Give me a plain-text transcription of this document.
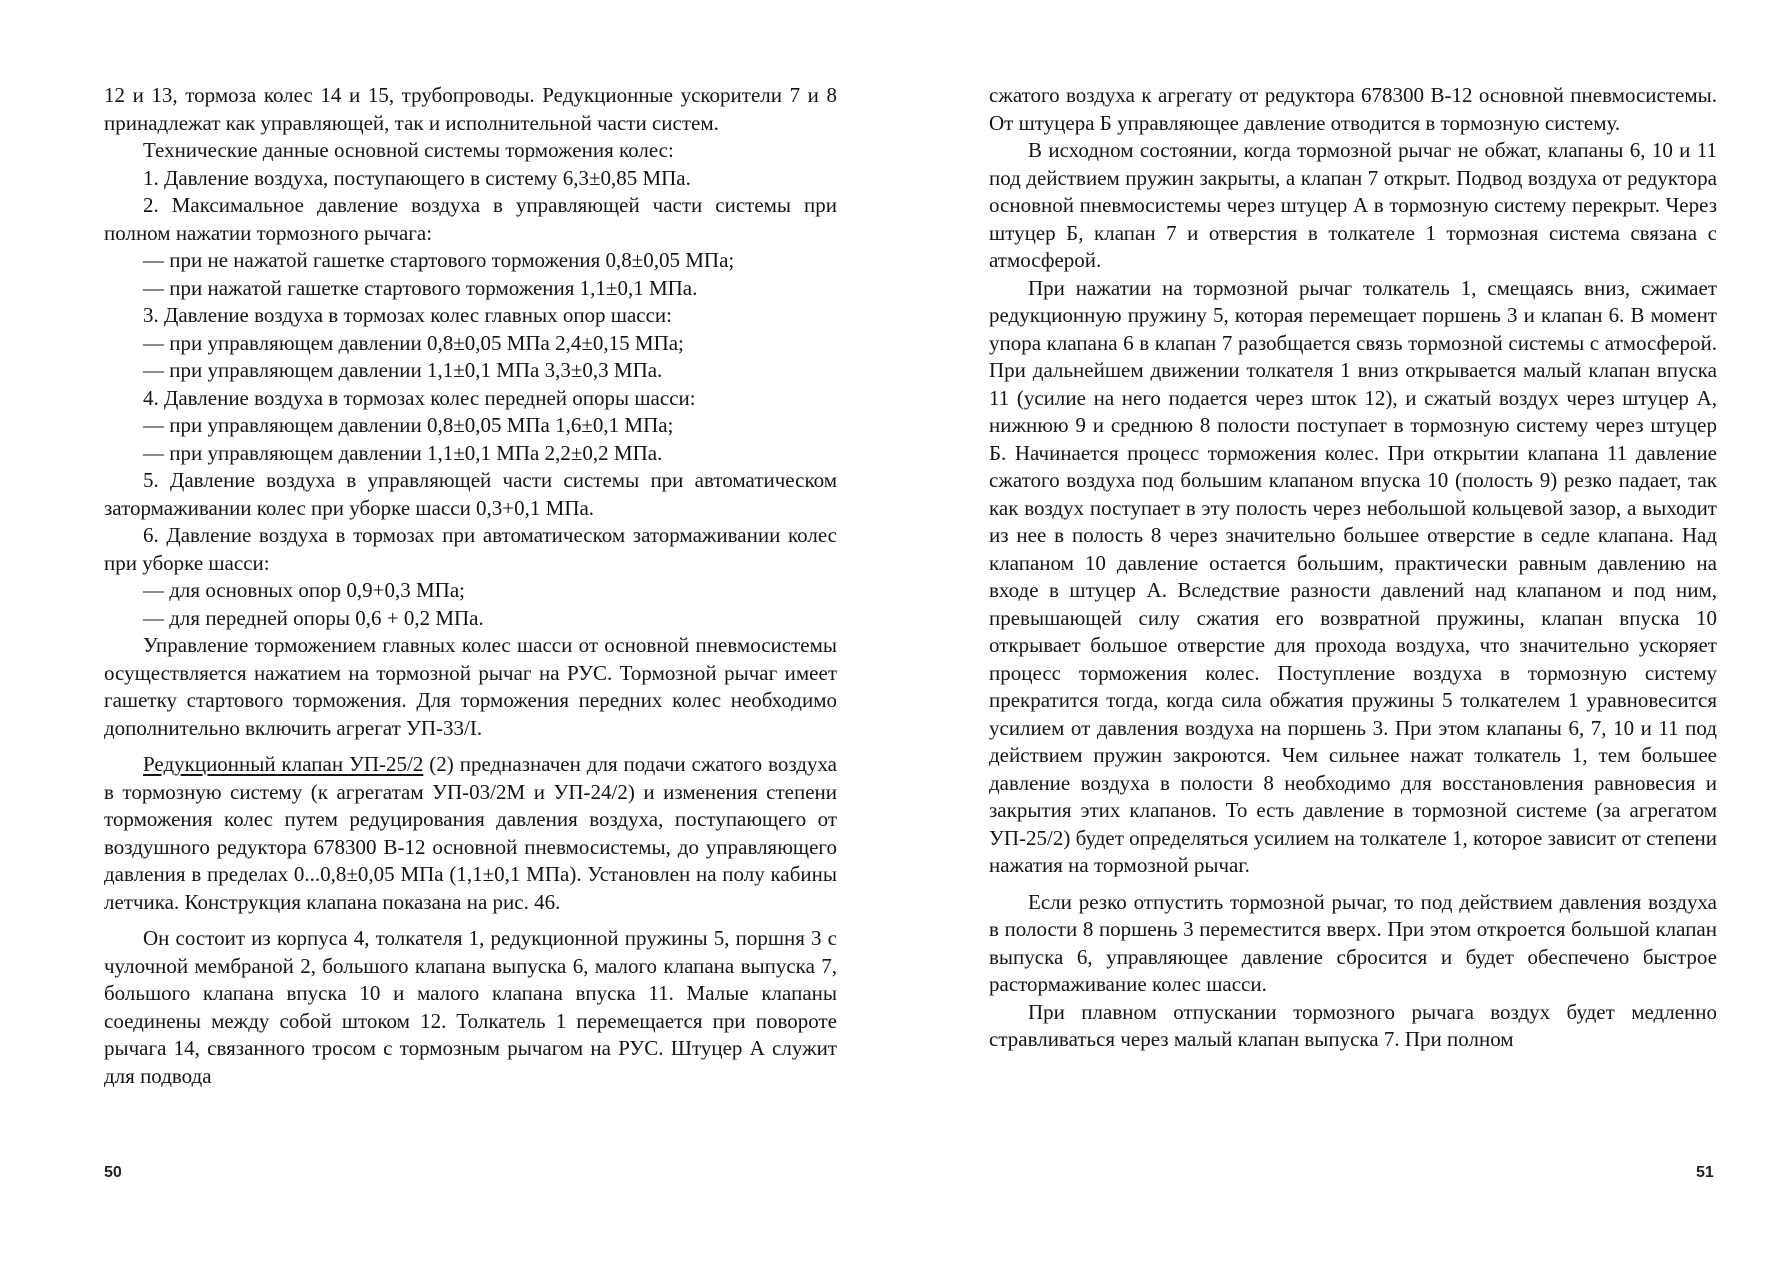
12 и 13, тормоза колес 14 и 15, трубопроводы. Редукционные ускорители 7 и 8 принадлежат как управляющей, так и исполнительной части систем.

Технические данные основной системы торможения колес:

1. Давление воздуха, поступающего в систему 6,3±0,85 МПа.

2. Максимальное давление воздуха в управляющей части системы при полном нажатии тормозного рычага:

— при не нажатой гашетке стартового торможения 0,8±0,05 МПа;

— при нажатой гашетке стартового торможения 1,1±0,1 МПа.

3. Давление воздуха в тормозах колес главных опор шасси:

— при управляющем давлении 0,8±0,05 МПа 2,4±0,15 МПа;

— при управляющем давлении 1,1±0,1 МПа 3,3±0,3 МПа.

4. Давление воздуха в тормозах колес передней опоры шасси:

— при управляющем давлении 0,8±0,05 МПа 1,6±0,1 МПа;

— при управляющем давлении 1,1±0,1 МПа 2,2±0,2 МПа.

5. Давление воздуха в управляющей части системы при автоматическом затормаживании колес при уборке шасси 0,3+0,1 МПа.

6. Давление воздуха в тормозах при автоматическом затормаживании колес при уборке шасси:

— для основных опор 0,9+0,3 МПа;

— для передней опоры 0,6 + 0,2 МПа.

Управление торможением главных колес шасси от основной пневмосистемы осуществляется нажатием на тормозной рычаг на РУС. Тормозной рычаг имеет гашетку стартового торможения. Для торможения передних колес необходимо дополнительно включить агрегат УП-33/I.

Редукционный клапан УП-25/2 (2) предназначен для подачи сжатого воздуха в тормозную систему (к агрегатам УП-03/2М и УП-24/2) и изменения степени торможения колес путем редуцирования давления воздуха, поступающего от воздушного редуктора 678300 В-12 основной пневмосистемы, до управляющего давления в пределах 0...0,8±0,05 МПа (1,1±0,1 МПа). Установлен на полу кабины летчика. Конструкция клапана показана на рис. 46.

Он состоит из корпуса 4, толкателя 1, редукционной пружины 5, поршня 3 с чулочной мембраной 2, большого клапана выпуска 6, малого клапана выпуска 7, большого клапана впуска 10 и малого клапана впуска 11. Малые клапаны соединены между собой штоком 12. Толкатель 1 перемещается при повороте рычага 14, связанного тросом с тормозным рычагом на РУС. Штуцер А служит для подвода

50

сжатого воздуха к агрегату от редуктора 678300 В-12 основной пневмосистемы. От штуцера Б управляющее давление отводится в тормозную систему.

В исходном состоянии, когда тормозной рычаг не обжат, клапаны 6, 10 и 11 под действием пружин закрыты, а клапан 7 открыт. Подвод воздуха от редуктора основной пневмосистемы через штуцер А в тормозную систему перекрыт. Через штуцер Б, клапан 7 и отверстия в толкателе 1 тормозная система связана с атмосферой.

При нажатии на тормозной рычаг толкатель 1, смещаясь вниз, сжимает редукционную пружину 5, которая перемещает поршень 3 и клапан 6. В момент упора клапана 6 в клапан 7 разобщается связь тормозной системы с атмосферой. При дальнейшем движении толкателя 1 вниз открывается малый клапан впуска 11 (усилие на него подается через шток 12), и сжатый воздух через штуцер А, нижнюю 9 и среднюю 8 полости поступает в тормозную систему через штуцер Б. Начинается процесс торможения колес. При открытии клапана 11 давление сжатого воздуха под большим клапаном впуска 10 (полость 9) резко падает, так как воздух поступает в эту полость через небольшой кольцевой зазор, а выходит из нее в полость 8 через значительно большее отверстие в седле клапана. Над клапаном 10 давление остается большим, практически равным давлению на входе в штуцер А. Вследствие разности давлений над клапаном и под ним, превышающей силу сжатия его возвратной пружины, клапан впуска 10 открывает большое отверстие для прохода воздуха, что значительно ускоряет процесс торможения колес. Поступление воздуха в тормозную систему прекратится тогда, когда сила обжатия пружины 5 толкателем 1 уравновесится усилием от давления воздуха на поршень 3. При этом клапаны 6, 7, 10 и 11 под действием пружин закроются. Чем сильнее нажат толкатель 1, тем большее давление воздуха в полости 8 необходимо для восстановления равновесия и закрытия этих клапанов. То есть давление в тормозной системе (за агрегатом УП-25/2) будет определяться усилием на толкателе 1, которое зависит от степени нажатия на тормозной рычаг.

Если резко отпустить тормозной рычаг, то под действием давления воздуха в полости 8 поршень 3 переместится вверх. При этом откроется большой клапан выпуска 6, управляющее давление сбросится и будет обеспечено быстрое растормаживание колес шасси.

При плавном отпускании тормозного рычага воздух будет медленно стравливаться через малый клапан выпуска 7. При полном

51
